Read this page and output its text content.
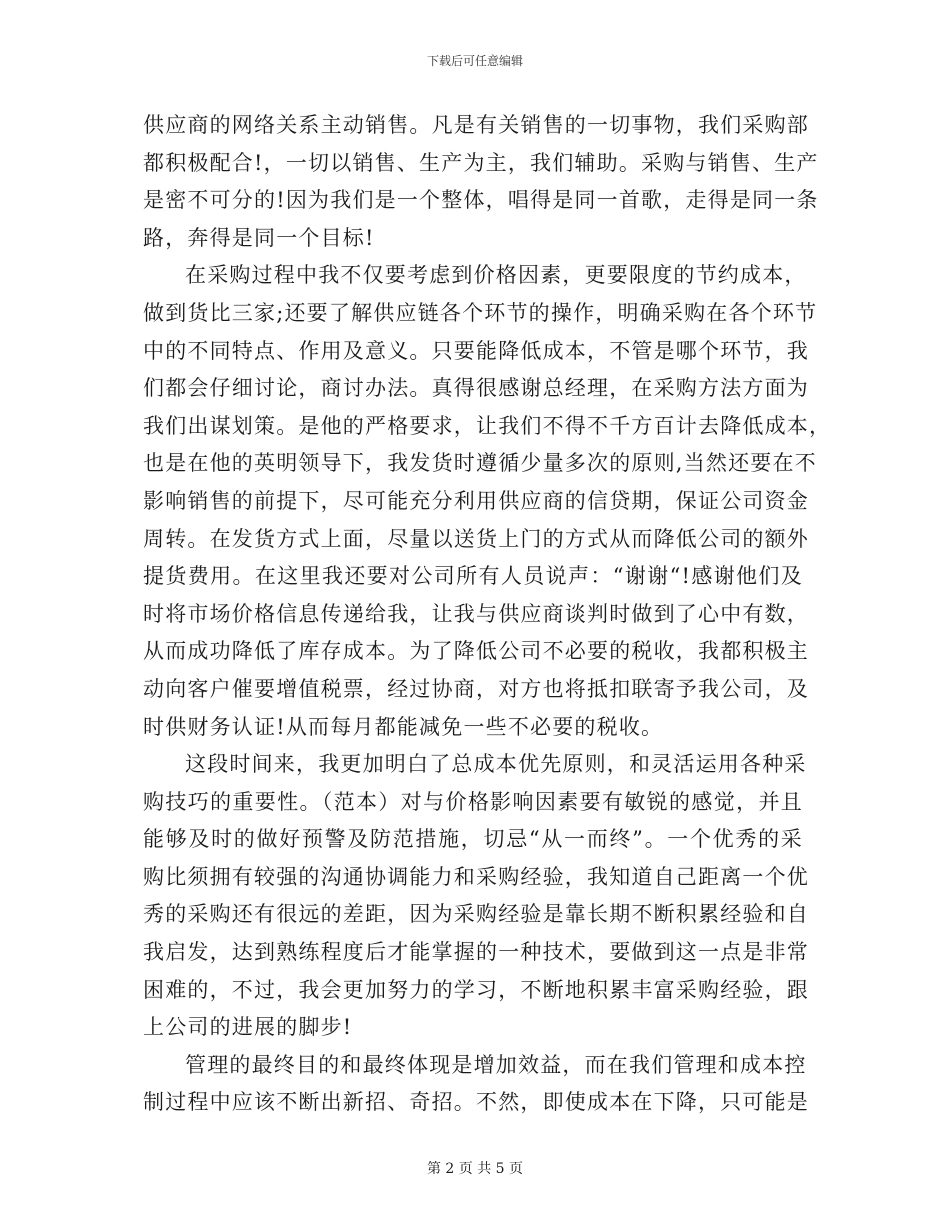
下载后可任意编辑
供应商的网络关系主动销售。凡是有关销售的一切事物，我们采购部
都积极配合!，一切以销售、生产为主，我们辅助。采购与销售、生产
是密不可分的!因为我们是一个整体，唱得是同一首歌，走得是同一条
路，奔得是同一个目标!
在采购过程中我不仅要考虑到价格因素，更要限度的节约成本，
做到货比三家;还要了解供应链各个环节的操作，明确采购在各个环节
中的不同特点、作用及意义。只要能降低成本，不管是哪个环节，我
们都会仔细讨论，商讨办法。真得很感谢总经理，在采购方法方面为
我们出谋划策。是他的严格要求，让我们不得不千方百计去降低成本，
也是在他的英明领导下，我发货时遵循少量多次的原则,当然还要在不
影响销售的前提下，尽可能充分利用供应商的信贷期，保证公司资金
周转。在发货方式上面，尽量以送货上门的方式从而降低公司的额外
提货费用。在这里我还要对公司所有人员说声：“谢谢“!感谢他们及
时将市场价格信息传递给我，让我与供应商谈判时做到了心中有数，
从而成功降低了库存成本。为了降低公司不必要的税收，我都积极主
动向客户催要增值税票，经过协商，对方也将抵扣联寄予我公司，及
时供财务认证!从而每月都能减免一些不必要的税收。
这段时间来，我更加明白了总成本优先原则，和灵活运用各种采
购技巧的重要性。（范本）对与价格影响因素要有敏锐的感觉，并且
能够及时的做好预警及防范措施，切忌“从一而终”。一个优秀的采
购比须拥有较强的沟通协调能力和采购经验，我知道自己距离一个优
秀的采购还有很远的差距，因为采购经验是靠长期不断积累经验和自
我启发，达到熟练程度后才能掌握的一种技术，要做到这一点是非常
困难的，不过，我会更加努力的学习，不断地积累丰富采购经验，跟
上公司的进展的脚步!
管理的最终目的和最终体现是增加效益，而在我们管理和成本控
制过程中应该不断出新招、奇招。不然，即使成本在下降，只可能是
第 2 页 共 5 页
